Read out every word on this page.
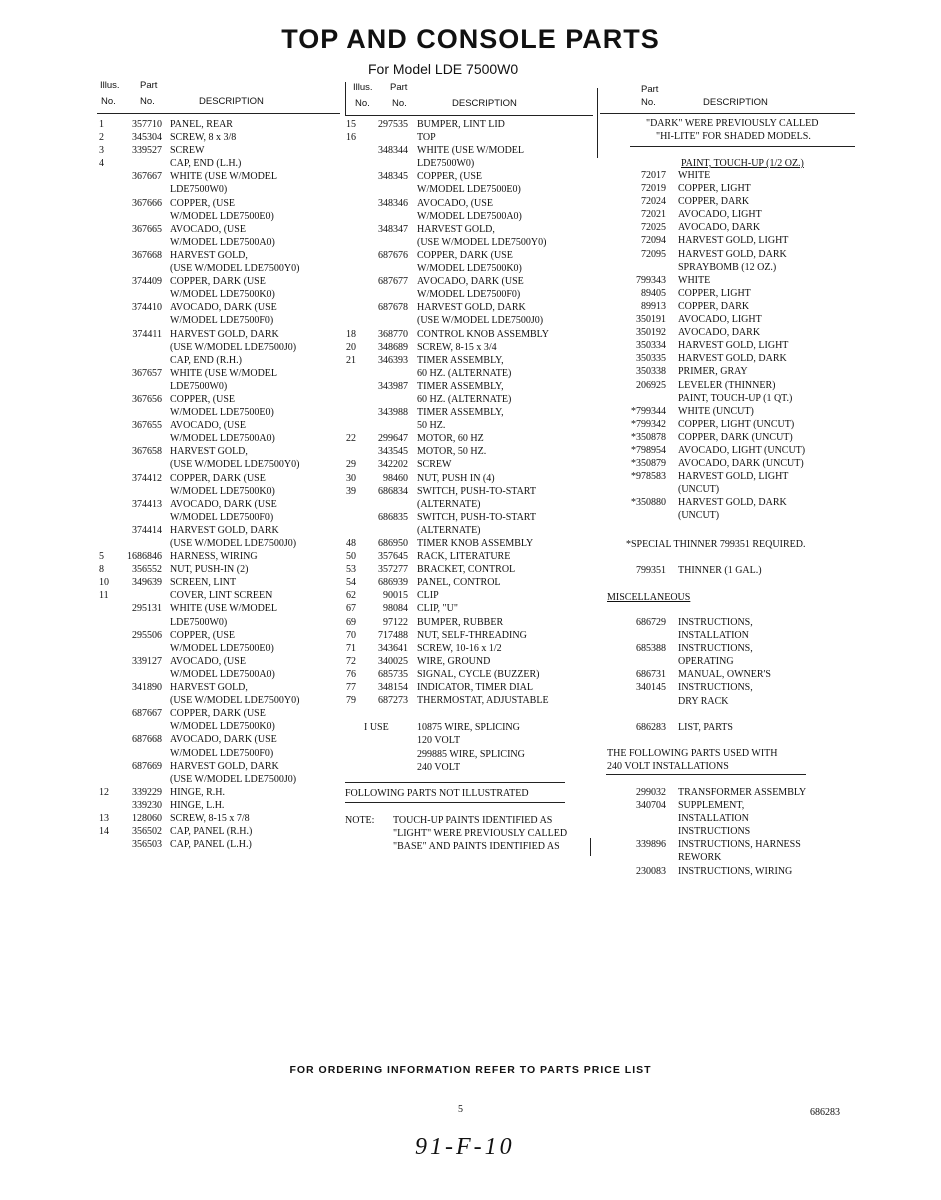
TOP AND CONSOLE PARTS
For Model LDE 7500W0
Illus. Part
No.	No.	DESCRIPTION
Illus. Part
No. No.	DESCRIPTION
Part
No.	DESCRIPTION
1	357710 PANEL, REAR
2	345304 SCREW, 8 x 3/8
3	339527 SCREW
4	CAP, END (L.H.)
367667 WHITE (USE W/MODEL
LDE7500W0)
367666 COPPER, (USE
W/MODEL LDE7500E0)
367665 AVOCADO, (USE
W/MODEL LDE7500A0)
367668 HARVEST GOLD,
(USE W/MODEL LDE7500Y0)
374409 COPPER, DARK (USE
W/MODEL LDE7500K0)
374410 AVOCADO, DARK (USE
W/MODEL LDE7500F0)
374411 HARVEST GOLD, DARK
(USE W/MODEL LDE7500J0)
CAP, END (R.H.)
367657 WHITE (USE W/MODEL
LDE7500W0)
367656 COPPER, (USE
W/MODEL LDE7500E0)
367655 AVOCADO, (USE
W/MODEL LDE7500A0)
367658 HARVEST GOLD,
(USE W/MODEL LDE7500Y0)
374412 COPPER, DARK (USE
W/MODEL LDE7500K0)
374413 AVOCADO, DARK (USE
W/MODEL LDE7500F0)
374414 HARVEST GOLD, DARK
(USE W/MODEL LDE7500J0)
5	1686846 HARNESS, WIRING
8	356552 NUT, PUSH-IN (2)
10	349639 SCREEN, LINT
11	COVER, LINT SCREEN
295131 WHITE (USE W/MODEL
LDE7500W0)
295506 COPPER, (USE
W/MODEL LDE7500E0)
339127 AVOCADO, (USE
W/MODEL LDE7500A0)
341890 HARVEST GOLD,
(USE W/MODEL LDE7500Y0)
687667 COPPER, DARK (USE
W/MODEL LDE7500K0)
687668 AVOCADO, DARK (USE
W/MODEL LDE7500F0)
687669 HARVEST GOLD, DARK
(USE W/MODEL LDE7500J0)
12	339229 HINGE, R.H.
339230 HINGE, L.H.
13	128060 SCREW, 8-15 x 7/8
14	356502 CAP, PANEL (R.H.)
356503 CAP, PANEL (L.H.)
15	297535 BUMPER, LINT LID
16	TOP
348344 WHITE (USE W/MODEL
LDE7500W0)
348345 COPPER, (USE
W/MODEL LDE7500E0)
348346 AVOCADO, (USE
W/MODEL LDE7500A0)
348347 HARVEST GOLD,
(USE W/MODEL LDE7500Y0)
687676 COPPER, DARK (USE
W/MODEL LDE7500K0)
687677 AVOCADO, DARK (USE
W/MODEL LDE7500F0)
687678 HARVEST GOLD, DARK
(USE W/MODEL LDE7500J0)
18	368770 CONTROL KNOB ASSEMBLY
20	348689 SCREW, 8-15 x 3/4
21	346393 TIMER ASSEMBLY,
60 HZ. (ALTERNATE)
343987 TIMER ASSEMBLY,
60 HZ. (ALTERNATE)
343988 TIMER ASSEMBLY,
50 HZ.
22	299647 MOTOR, 60 HZ
343545 MOTOR, 50 HZ.
29	342202 SCREW
30	98460 NUT, PUSH IN (4)
39	686834 SWITCH, PUSH-TO-START
(ALTERNATE)
686835 SWITCH, PUSH-TO-START
(ALTERNATE)
48	686950 TIMER KNOB ASSEMBLY
50	357645 RACK, LITERATURE
53	357277 BRACKET, CONTROL
54	686939 PANEL, CONTROL
62	90015 CLIP
67	98084 CLIP, "U"
69	97122 BUMPER, RUBBER
70	717488 NUT, SELF-THREADING
71	343641 SCREW, 10-16 x 1/2
72	340025 WIRE, GROUND
76	685735 SIGNAL, CYCLE (BUZZER)
77	348154 INDICATOR, TIMER DIAL
79	687273 THERMOSTAT, ADJUSTABLE
I USE	10875 WIRE, SPLICING
120 VOLT
299885 WIRE, SPLICING
240 VOLT
FOLLOWING PARTS NOT ILLUSTRATED
NOTE: TOUCH-UP PAINTS IDENTIFIED AS
"LIGHT" WERE PREVIOUSLY CALLED
"BASE" AND PAINTS IDENTIFIED AS
"DARK" WERE PREVIOUSLY CALLED
"HI-LITE" FOR SHADED MODELS.
PAINT, TOUCH-UP (1/2 OZ.)
72017 WHITE
72019 COPPER, LIGHT
72024 COPPER, DARK
72021 AVOCADO, LIGHT
72025 AVOCADO, DARK
72094 HARVEST GOLD, LIGHT
72095 HARVEST GOLD, DARK
SPRAYBOMB (12 OZ.)
799343 WHITE
89405 COPPER, LIGHT
89913 COPPER, DARK
350191 AVOCADO, LIGHT
350192 AVOCADO, DARK
350334 HARVEST GOLD, LIGHT
350335 HARVEST GOLD, DARK
350338 PRIMER, GRAY
206925 LEVELER (THINNER)
PAINT, TOUCH-UP (1 QT.)
*799344 WHITE (UNCUT)
*799342 COPPER, LIGHT (UNCUT)
*350878 COPPER, DARK (UNCUT)
*798954 AVOCADO, LIGHT (UNCUT)
*350879 AVOCADO, DARK (UNCUT)
*978583 HARVEST GOLD, LIGHT
(UNCUT)
*350880 HARVEST GOLD, DARK
(UNCUT)
*SPECIAL THINNER 799351 REQUIRED.
799351 THINNER (1 GAL.)
MISCELLANEOUS
686729 INSTRUCTIONS,
INSTALLATION
685388 INSTRUCTIONS,
OPERATING
686731 MANUAL, OWNER'S
340145 INSTRUCTIONS,
DRY RACK
686283 LIST, PARTS
THE FOLLOWING PARTS USED WITH
240 VOLT INSTALLATIONS
299032 TRANSFORMER ASSEMBLY
340704 SUPPLEMENT,
INSTALLATION
INSTRUCTIONS
339896 INSTRUCTIONS, HARNESS
REWORK
230083 INSTRUCTIONS, WIRING
FOR ORDERING INFORMATION REFER TO PARTS PRICE LIST
5	686283
91-F-10
